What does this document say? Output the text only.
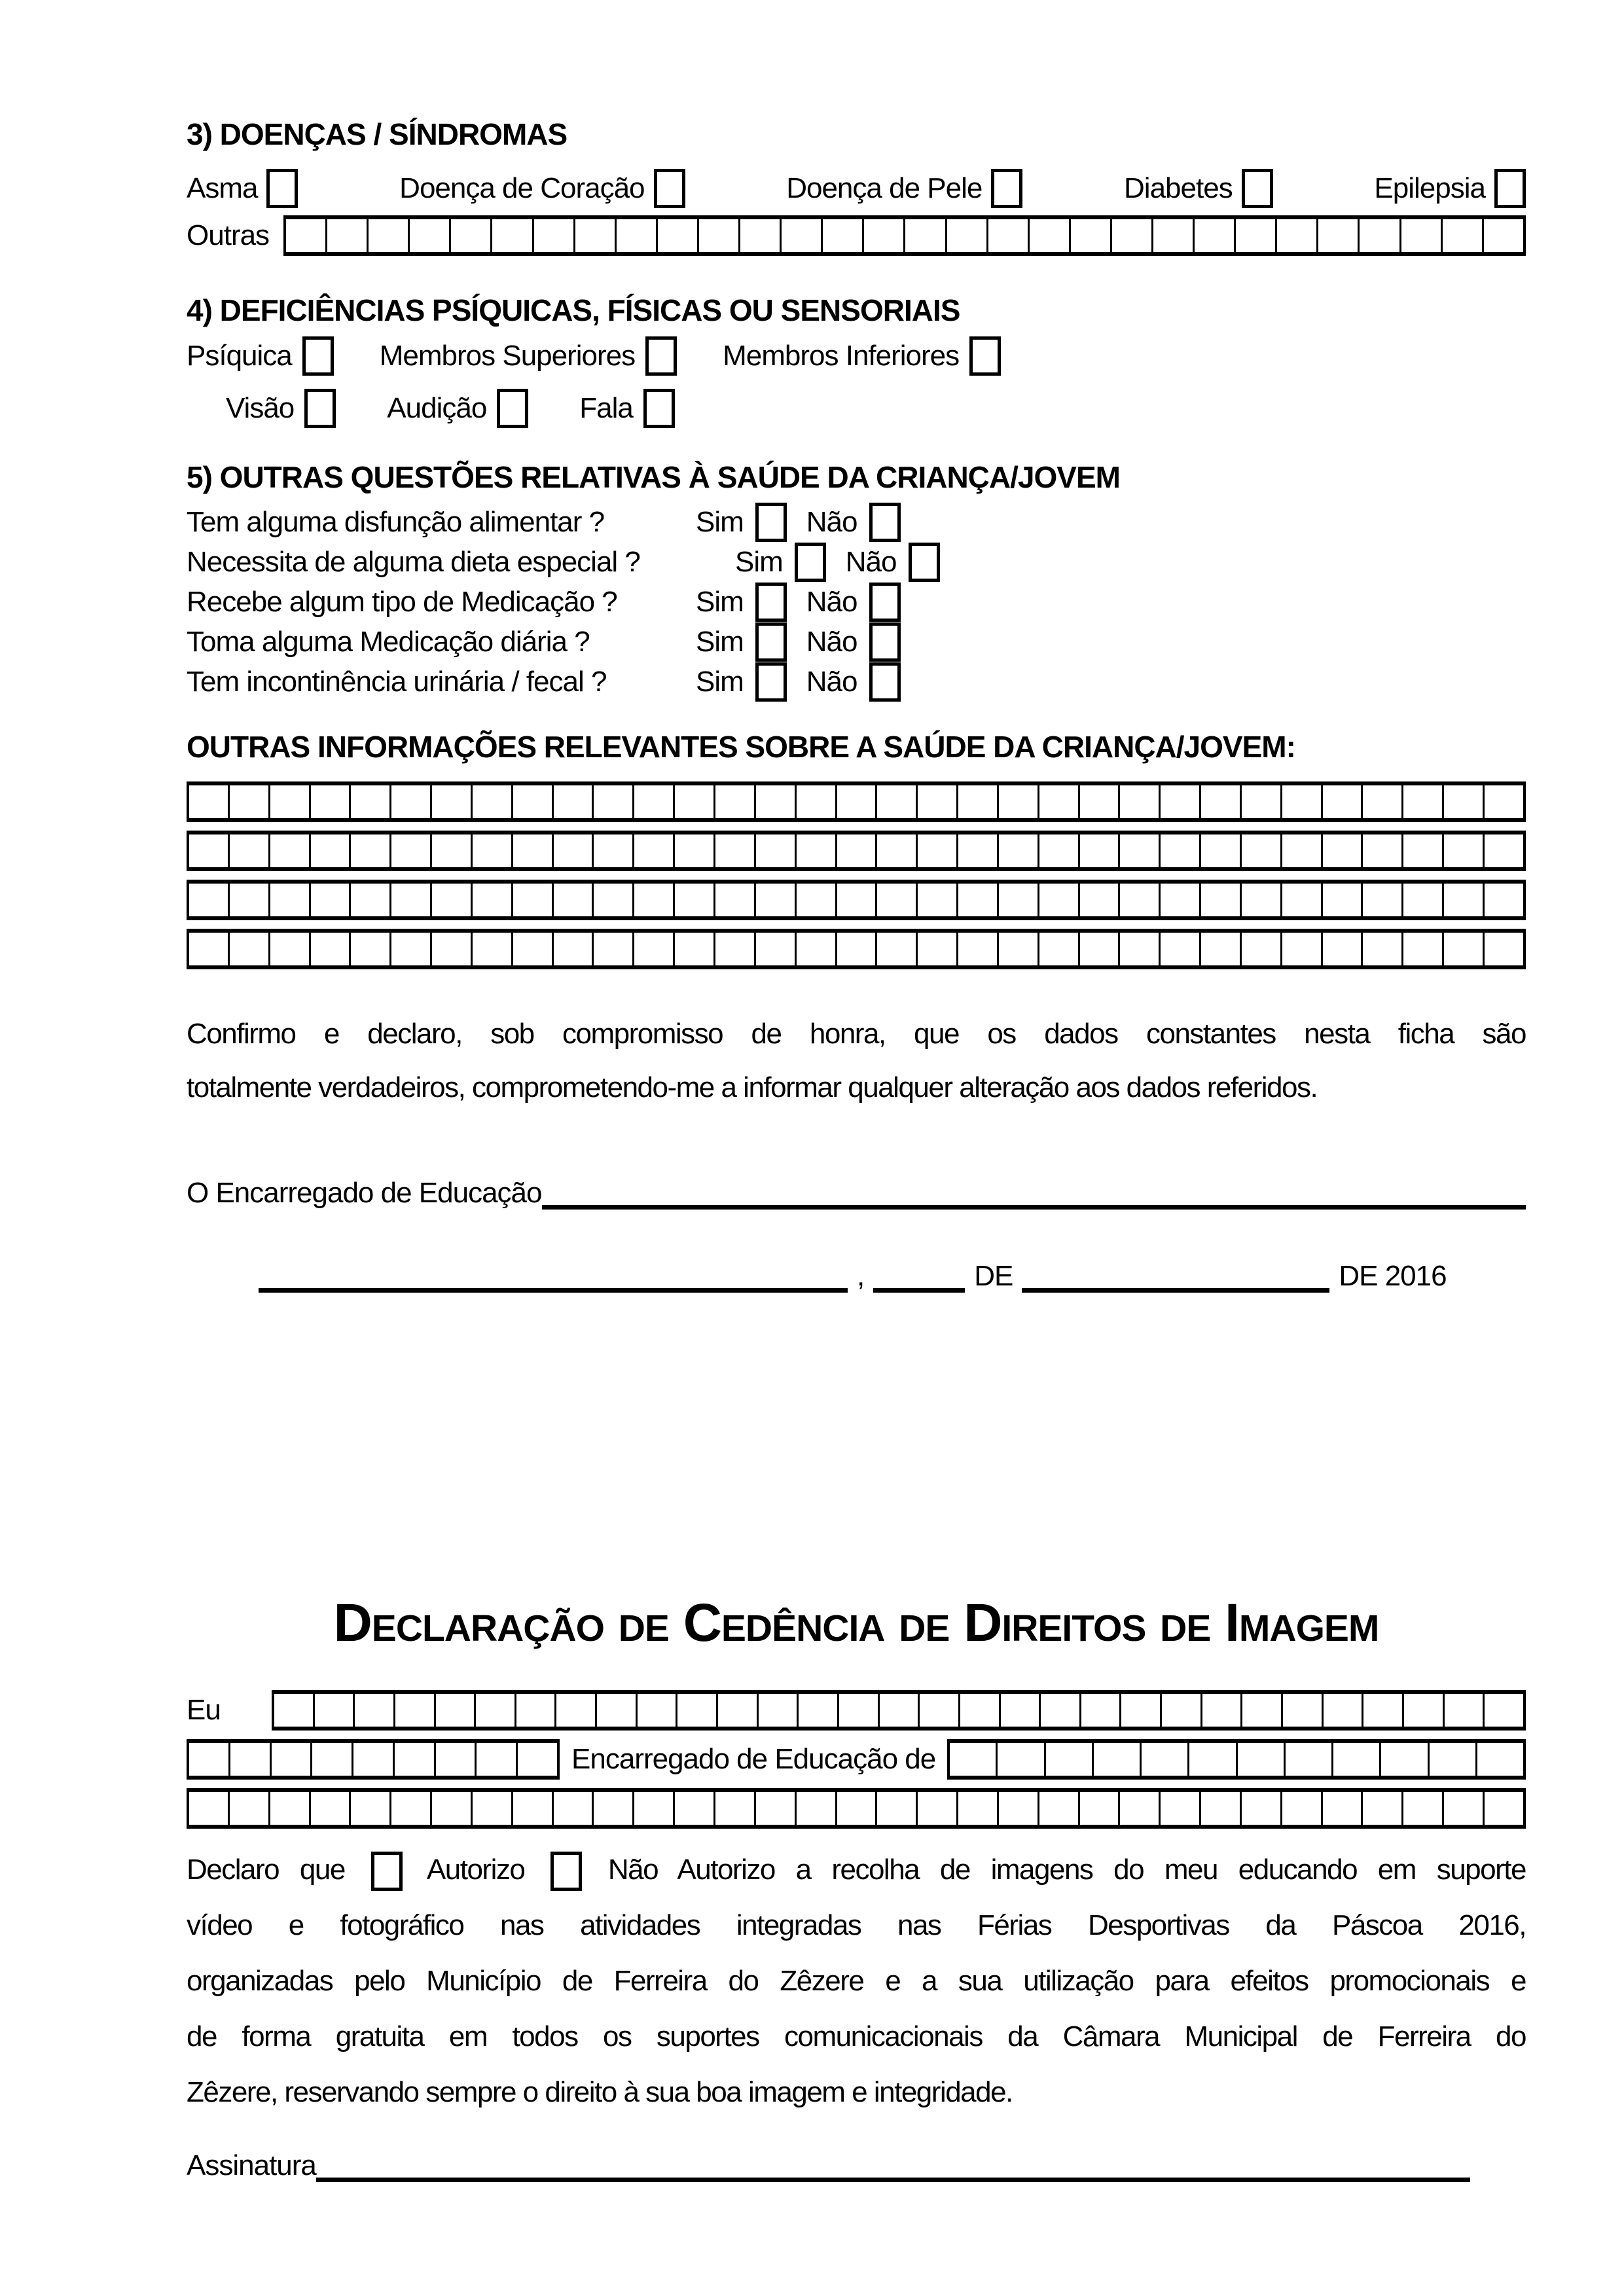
3) DOENÇAS / SÍNDROMAS
Asma	Doença de Coração	Doença de Pele	Diabetes	Epilepsia
Outras
4) DEFICIÊNCIAS PSÍQUICAS, FÍSICAS OU SENSORIAIS
Psíquica	Membros Superiores	Membros Inferiores
Visão	Audição	Fala
5) OUTRAS QUESTÕES RELATIVAS À SAÚDE DA CRIANÇA/JOVEM
Tem alguma disfunção alimentar ?	Sim Não
Necessita de alguma dieta especial ?	Sim Não
Recebe algum tipo de Medicação ?	Sim Não
Toma alguma Medicação diária ?	Sim Não
Tem incontinência urinária / fecal ?	Sim Não
OUTRAS INFORMAÇÕES RELEVANTES SOBRE A SAÚDE DA CRIANÇA/JOVEM:
Confirmo e declaro, sob compromisso de honra, que os dados constantes nesta ficha são
totalmente verdadeiros, comprometendo-me a informar qualquer alteração aos dados referidos.
O Encarregado de Educação
,	DE	DE 2016
Declaração de Cedência de Direitos de Imagem
Eu
Encarregado de Educação de
Declaro que	Autorizo	Não Autorizo a recolha de imagens do meu educando em suporte
vídeo e fotográfico nas atividades integradas nas Férias Desportivas da Páscoa 2016,
organizadas pelo Município de Ferreira do Zêzere e a sua utilização para efeitos promocionais e
de forma gratuita em todos os suportes comunicacionais da Câmara Municipal de Ferreira do
Zêzere, reservando sempre o direito à sua boa imagem e integridade.
Assinatura
